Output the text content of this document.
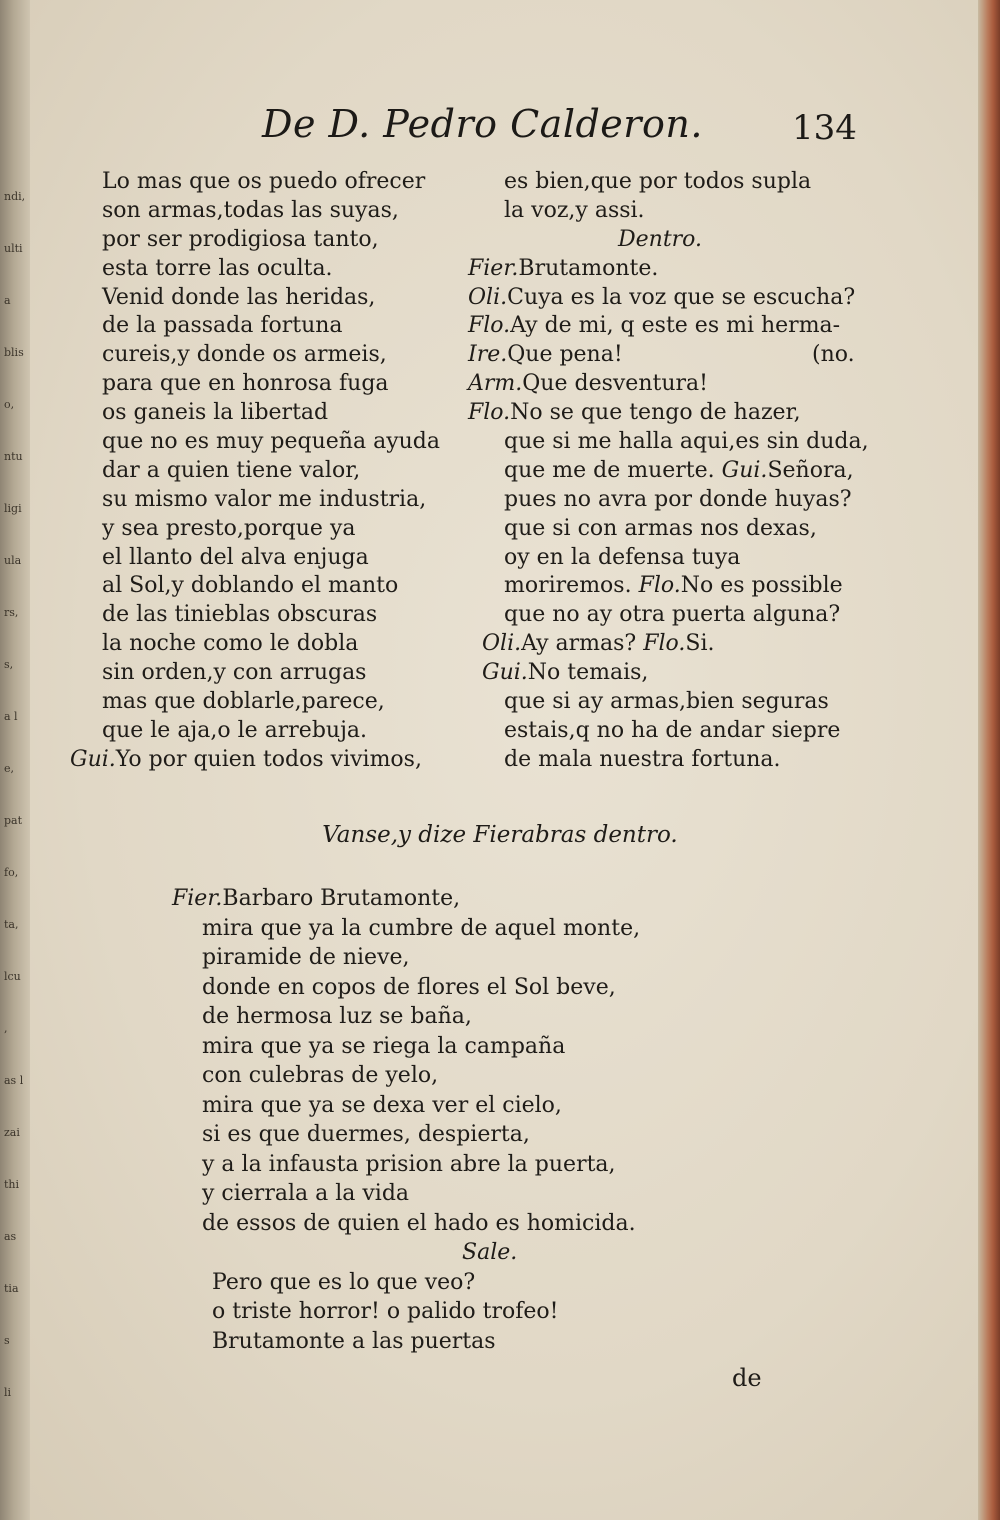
ndi,
ulti
a
blis
o,
ntu
ligi
ula
rs,
s,
a l
e,
pat
fo,
ta,
lcu
,
as l
zai
thi
as
tia
s
li
De D. Pedro Calderon.	134
Lo mas que os puedo ofrecer
son armas,todas las suyas,
por ser prodigiosa tanto,
esta torre las oculta.
Venid donde las heridas,
de la passada fortuna
cureis,y donde os armeis,
para que en honrosa fuga
os ganeis la libertad
que no es muy pequeña ayuda
dar a quien tiene valor,
su mismo valor me industria,
y sea presto,porque ya
el llanto del alva enjuga
al Sol,y doblando el manto
de las tinieblas obscuras
la noche como le dobla
sin orden,y con arrugas
mas que doblarle,parece,
que le aja,o le arrebuja.
Gui.Yo por quien todos vivimos,
es bien,que por todos supla
la voz,y assi.
Dentro.
Fier.Brutamonte.
Oli.Cuya es la voz que se escucha?
Flo.Ay de mi, q este es mi herma-
Ire.Que pena!	(no.
Arm.Que desventura!
Flo.No se que tengo de hazer,
que si me halla aqui,es sin duda,
que me de muerte. Gui.Señora,
pues no avra por donde huyas?
que si con armas nos dexas,
oy en la defensa tuya
moriremos. Flo.No es possible
que no ay otra puerta alguna?
Oli.Ay armas? Flo.Si.
Gui.No temais,
que si ay armas,bien seguras
estais,q no ha de andar siepre
de mala nuestra fortuna.
Vanse,y dize Fierabras dentro.
Fier.Barbaro Brutamonte,
mira que ya la cumbre de aquel monte,
piramide de nieve,
donde en copos de flores el Sol beve,
de hermosa luz se baña,
mira que ya se riega la campaña
con culebras de yelo,
mira que ya se dexa ver el cielo,
si es que duermes, despierta,
y a la infausta prision abre la puerta,
y cierrala a la vida
de essos de quien el hado es homicida.
Sale.
Pero que es lo que veo?
o triste horror! o palido trofeo!
Brutamonte a las puertas
de
